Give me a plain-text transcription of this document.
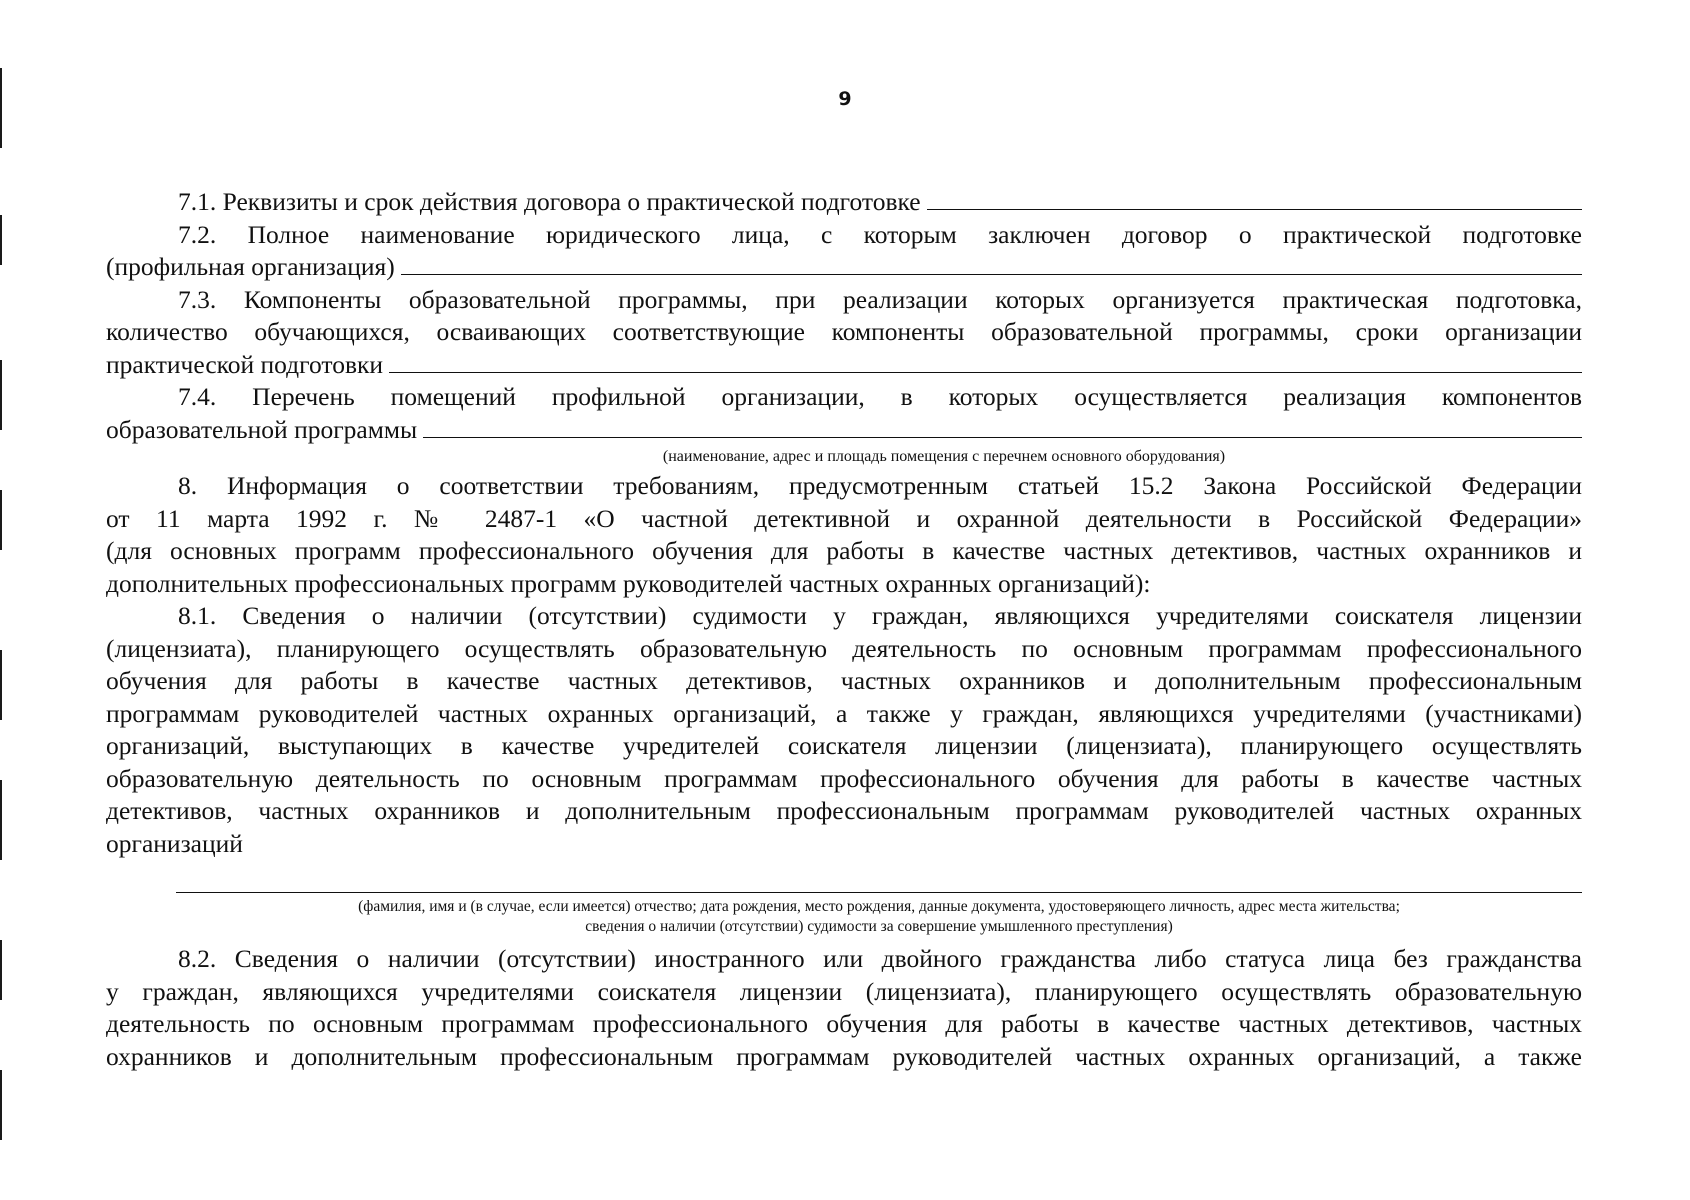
9
7.1. Реквизиты и срок действия договора о практической подготовке
7.2. Полное наименование юридического лица, с которым заключен договор о практической подготовке
(профильная организация)
7.3. Компоненты образовательной программы, при реализации которых организуется практическая подготовка,
количество обучающихся, осваивающих соответствующие компоненты образовательной программы, сроки организации
практической подготовки
7.4. Перечень помещений профильной организации, в которых осуществляется реализация компонентов
образовательной программы

(наименование, адрес и площадь помещения с перечнем основного оборудования)

8. Информация о соответствии требованиям, предусмотренным статьей 15.2 Закона Российской Федерации
от 11 марта 1992 г. № 2487-1 «О частной детективной и охранной деятельности в Российской Федерации»
(для основных программ профессионального обучения для работы в качестве частных детективов, частных охранников и
дополнительных профессиональных программ руководителей частных охранных организаций):
8.1. Сведения о наличии (отсутствии) судимости у граждан, являющихся учредителями соискателя лицензии
(лицензиата), планирующего осуществлять образовательную деятельность по основным программам профессионального
обучения для работы в качестве частных детективов, частных охранников и дополнительным профессиональным
программам руководителей частных охранных организаций, а также у граждан, являющихся учредителями (участниками)
организаций, выступающих в качестве учредителей соискателя лицензии (лицензиата), планирующего осуществлять
образовательную деятельность по основным программам профессионального обучения для работы в качестве частных
детективов, частных охранников и дополнительным профессиональным программам руководителей частных охранных
организаций

(фамилия, имя и (в случае, если имеется) отчество; дата рождения, место рождения, данные документа, удостоверяющего личность, адрес места жительства;

сведения о наличии (отсутствии) судимости за совершение умышленного преступления)

8.2. Сведения о наличии (отсутствии) иностранного или двойного гражданства либо статуса лица без гражданства
у граждан, являющихся учредителями соискателя лицензии (лицензиата), планирующего осуществлять образовательную
деятельность по основным программам профессионального обучения для работы в качестве частных детективов, частных
охранников и дополнительным профессиональным программам руководителей частных охранных организаций, а также
